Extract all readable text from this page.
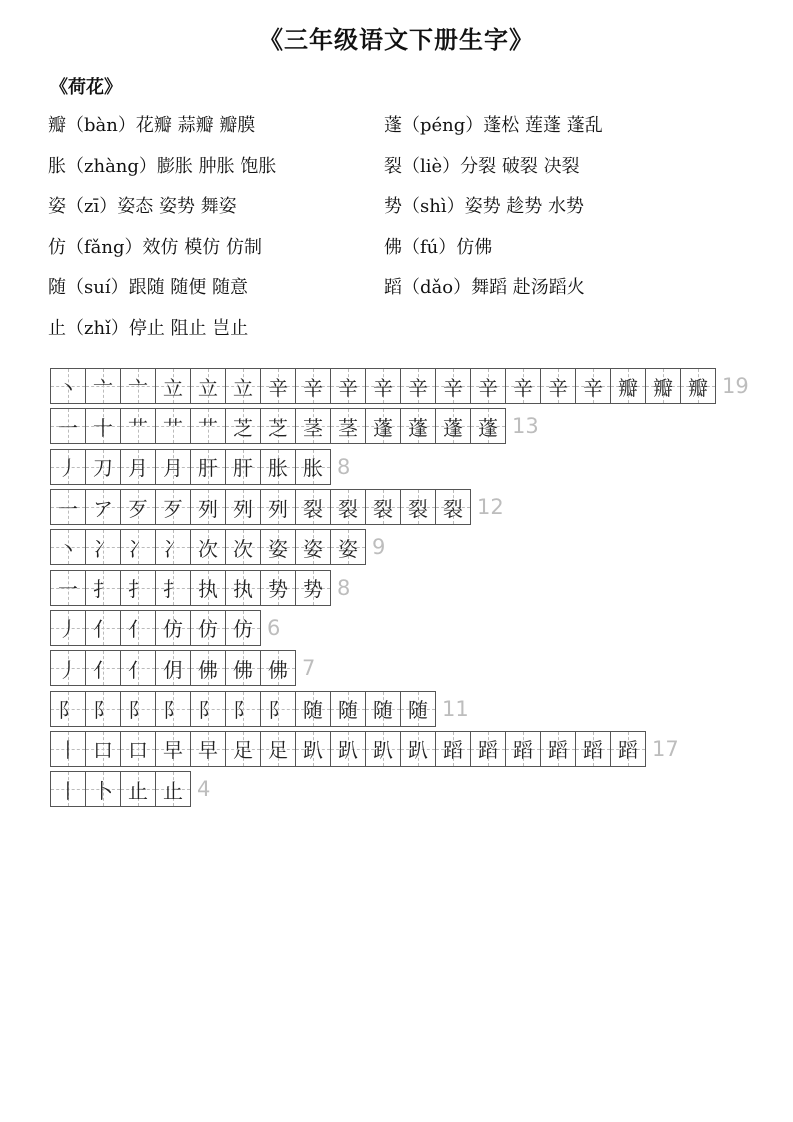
《三年级语文下册生字》
《荷花》
瓣（bàn）花瓣 蒜瓣 瓣膜	蓬（péng）蓬松 莲蓬 蓬乱
胀（zhàng）膨胀 肿胀 饱胀	裂（liè）分裂 破裂 决裂
姿（zī）姿态 姿势 舞姿	势（shì）姿势 趁势 水势
仿（fǎng）效仿 模仿 仿制	佛（fú）仿佛
随（suí）跟随 随便 随意	蹈（dǎo）舞蹈 赴汤蹈火
止（zhǐ）停止 阻止 岂止
丶 亠 亠 立 立 立 辛 辛 辛 辛 辛 辛 辛 辛 辛 辛 瓣 瓣 瓣 19
一 十 艹 艹 艹 芝 芝 茎 茎 蓬 蓬 蓬 蓬 13
丿 刀 月 月 肝 肝 胀 胀 8
一 ア 歹 歹 列 列 列 裂 裂 裂 裂 裂 12
丶 冫 冫 冫 次 次 姿 姿 姿 9
一 扌 扌 扌 执 执 势 势 8
丿 亻 亻 仿 仿 仿 6
丿 亻 亻 仴 佛 佛 佛 7
阝 阝 阝 阝 阝 阝 阝 随 随 随 随 11
丨 口 口 早 早 足 足 趴 趴 趴 趴 蹈 蹈 蹈 蹈 蹈 蹈 17
丨 卜 止 止 4
